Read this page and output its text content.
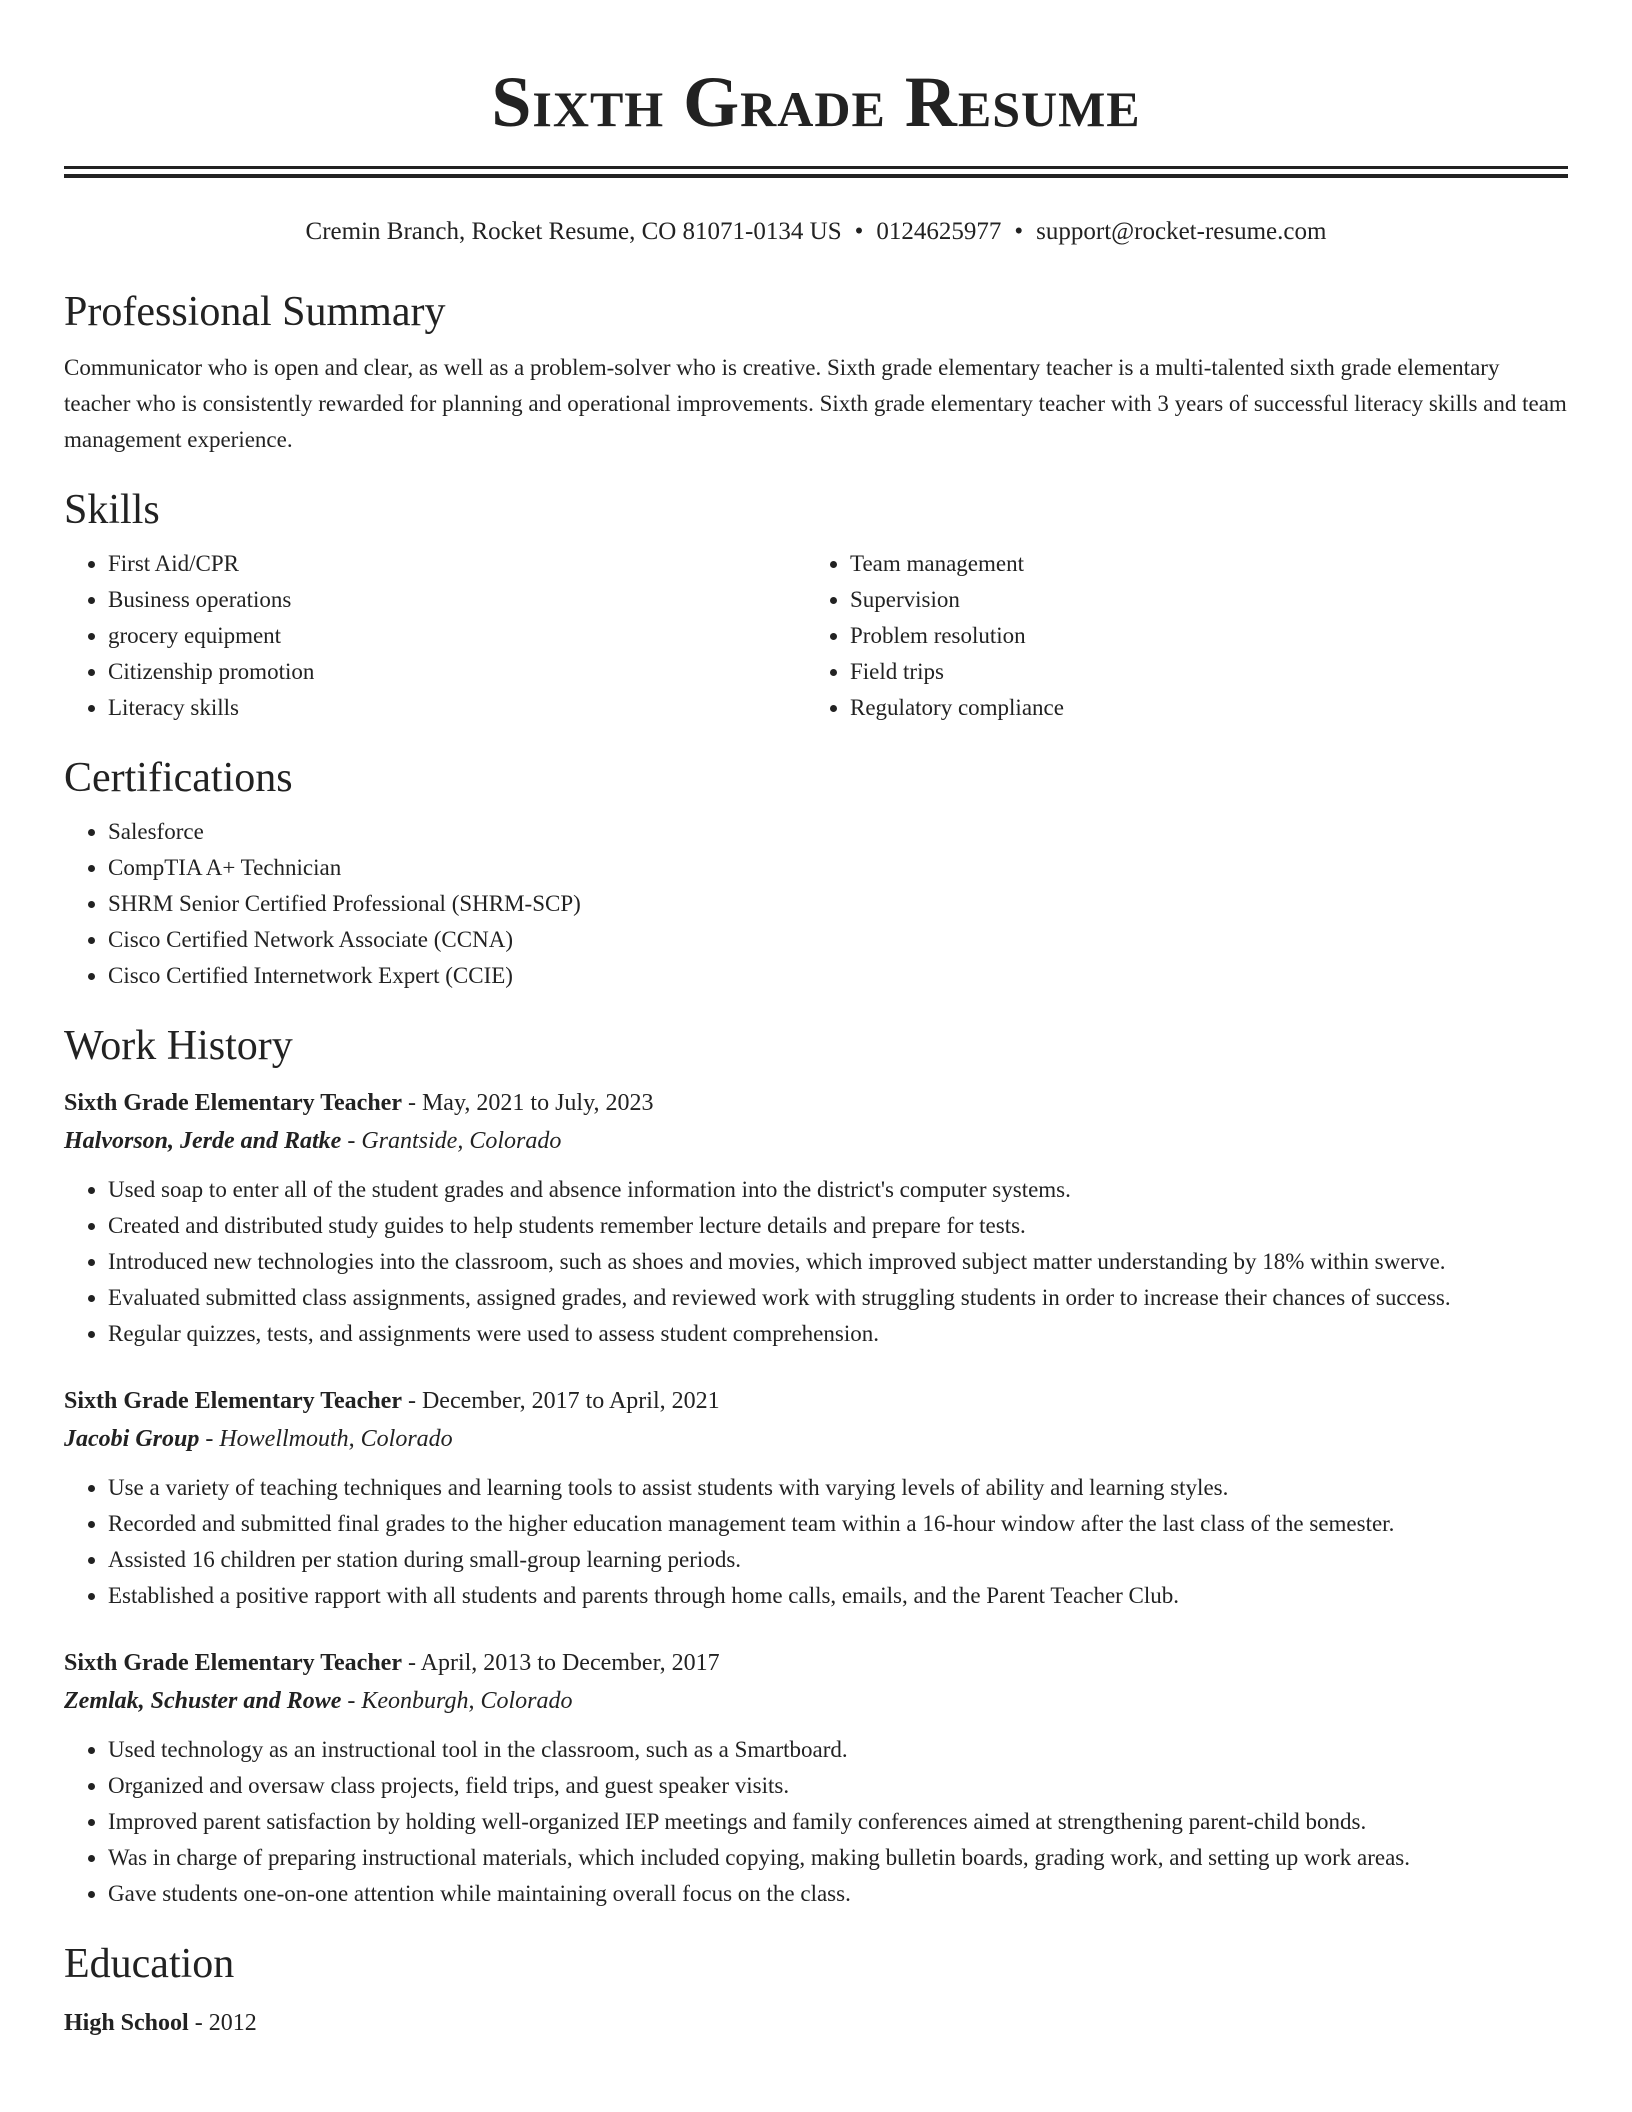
Sixth Grade Resume
Cremin Branch, Rocket Resume, CO 81071-0134 US • 0124625977 • support@rocket-resume.com
Professional Summary

Communicator who is open and clear, as well as a problem-solver who is creative. Sixth grade elementary teacher is a multi-talented sixth grade elementary teacher who is consistently rewarded for planning and operational improvements. Sixth grade elementary teacher with 3 years of successful literacy skills and team management experience.

Skills
• First Aid/CPR
• Business operations
• grocery equipment
• Citizenship promotion
• Literacy skills
• Team management
• Supervision
• Problem resolution
• Field trips
• Regulatory compliance
Certifications
• Salesforce
• CompTIA A+ Technician
• SHRM Senior Certified Professional (SHRM-SCP)
• Cisco Certified Network Associate (CCNA)
• Cisco Certified Internetwork Expert (CCIE)
Work History
Sixth Grade Elementary Teacher - May, 2021 to July, 2023
Halvorson, Jerde and Ratke - Grantside, Colorado
• Used soap to enter all of the student grades and absence information into the district's computer systems.
• Created and distributed study guides to help students remember lecture details and prepare for tests.
• Introduced new technologies into the classroom, such as shoes and movies, which improved subject matter understanding by 18% within swerve.
• Evaluated submitted class assignments, assigned grades, and reviewed work with struggling students in order to increase their chances of success.
• Regular quizzes, tests, and assignments were used to assess student comprehension.
Sixth Grade Elementary Teacher - December, 2017 to April, 2021
Jacobi Group - Howellmouth, Colorado
• Use a variety of teaching techniques and learning tools to assist students with varying levels of ability and learning styles.
• Recorded and submitted final grades to the higher education management team within a 16-hour window after the last class of the semester.
• Assisted 16 children per station during small-group learning periods.
• Established a positive rapport with all students and parents through home calls, emails, and the Parent Teacher Club.
Sixth Grade Elementary Teacher - April, 2013 to December, 2017
Zemlak, Schuster and Rowe - Keonburgh, Colorado
• Used technology as an instructional tool in the classroom, such as a Smartboard.
• Organized and oversaw class projects, field trips, and guest speaker visits.
• Improved parent satisfaction by holding well-organized IEP meetings and family conferences aimed at strengthening parent-child bonds.
• Was in charge of preparing instructional materials, which included copying, making bulletin boards, grading work, and setting up work areas.
• Gave students one-on-one attention while maintaining overall focus on the class.
Education
High School - 2012
